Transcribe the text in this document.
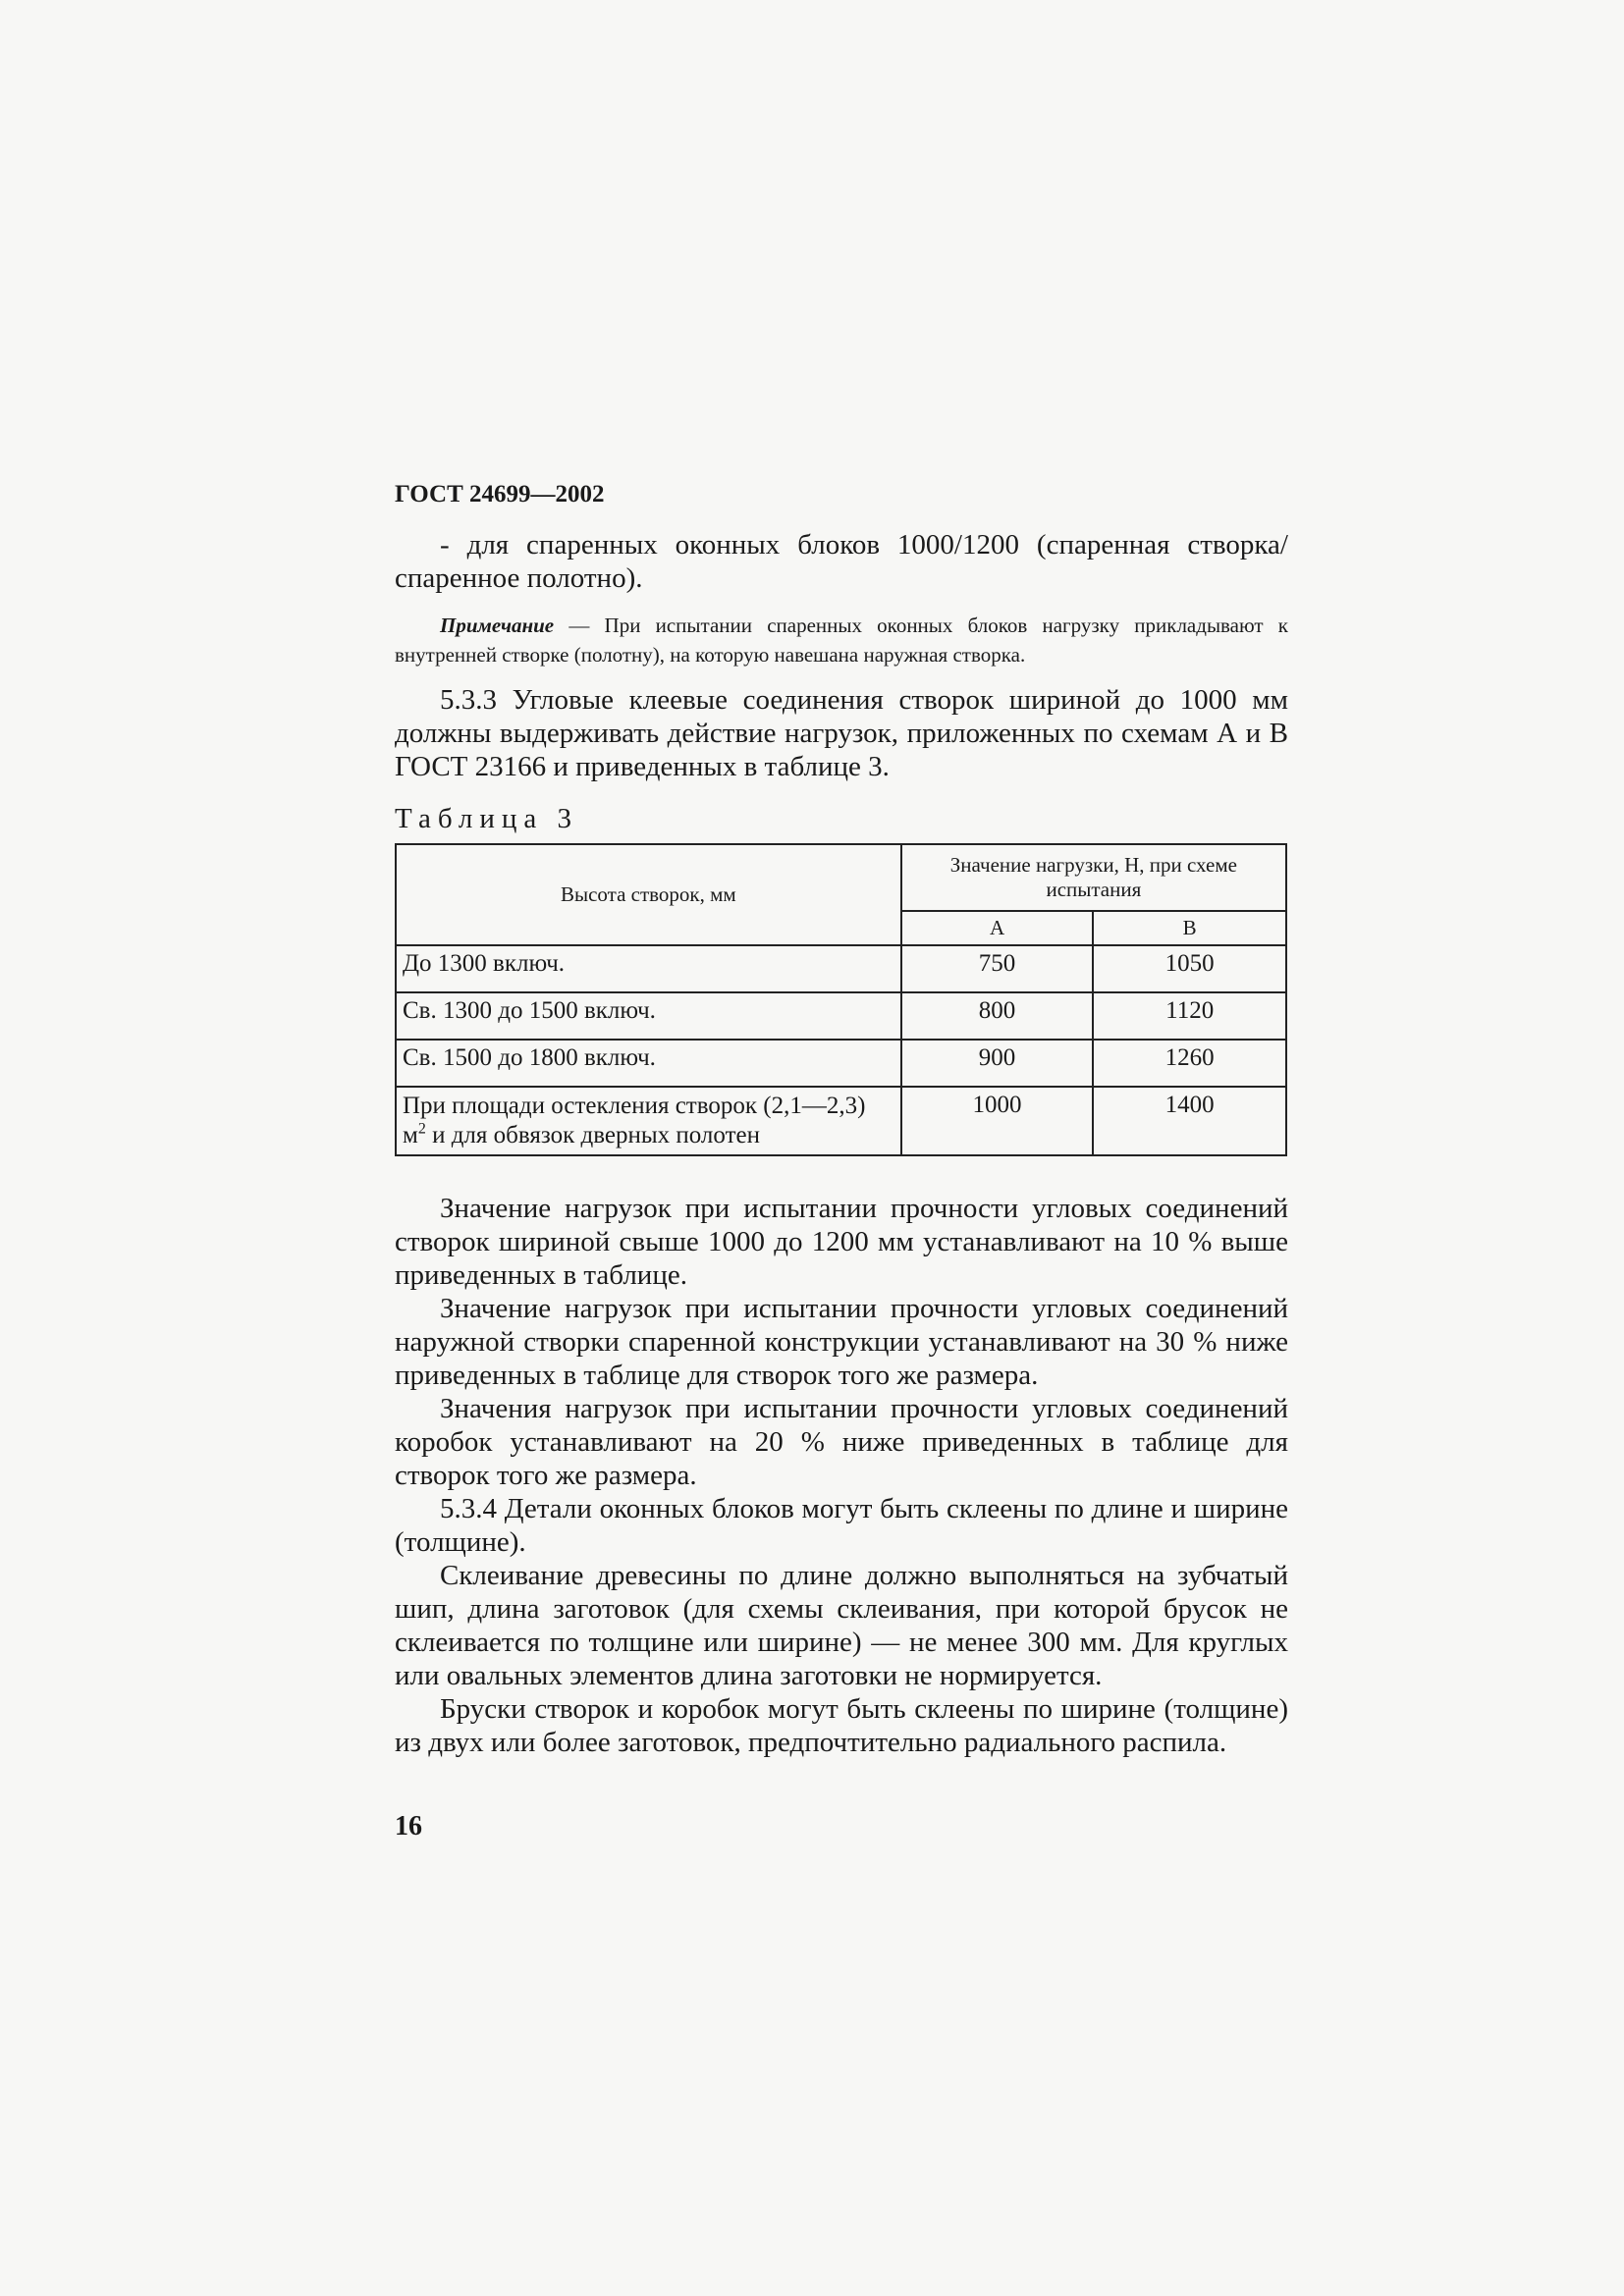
ГОСТ 24699—2002

- для спаренных оконных блоков 1000/1200 (спаренная створка/ спаренное полотно).

Примечание — При испытании спаренных оконных блоков нагрузку прикладывают к внутренней створке (полотну), на которую навешана наружная створка.

5.3.3 Угловые клеевые соединения створок шириной до 1000 мм должны выдерживать действие нагрузок, приложенных по схемам А и В ГОСТ 23166 и приведенных в таблице 3.

Таблица 3
Высота створок, мм	Значение нагрузки, Н, при схеме испытания	
	А	В
До 1300 включ.	750	1050
Св. 1300 до 1500 включ.	800	1120
Св. 1500 до 1800 включ.	900	1260
При площади остекления створок (2,1—2,3) $м^2$ и для обвязок дверных полотен	1000	1400

Значение нагрузок при испытании прочности угловых соединений створок шириной свыше 1000 до 1200 мм устанавливают на 10 % выше приведенных в таблице.

Значение нагрузок при испытании прочности угловых соединений наружной створки спаренной конструкции устанавливают на 30 % ниже приведенных в таблице для створок того же размера.

Значения нагрузок при испытании прочности угловых соединений коробок устанавливают на 20 % ниже приведенных в таблице для створок того же размера.

5.3.4 Детали оконных блоков могут быть склеены по длине и ширине (толщине).

Склеивание древесины по длине должно выполняться на зубчатый шип, длина заготовок (для схемы склеивания, при которой брусок не склеивается по толщине или ширине) — не менее 300 мм. Для круглых или овальных элементов длина заготовки не нормируется.

Бруски створок и коробок могут быть склеены по ширине (толщине) из двух или более заготовок, предпочтительно радиального распила.

16
